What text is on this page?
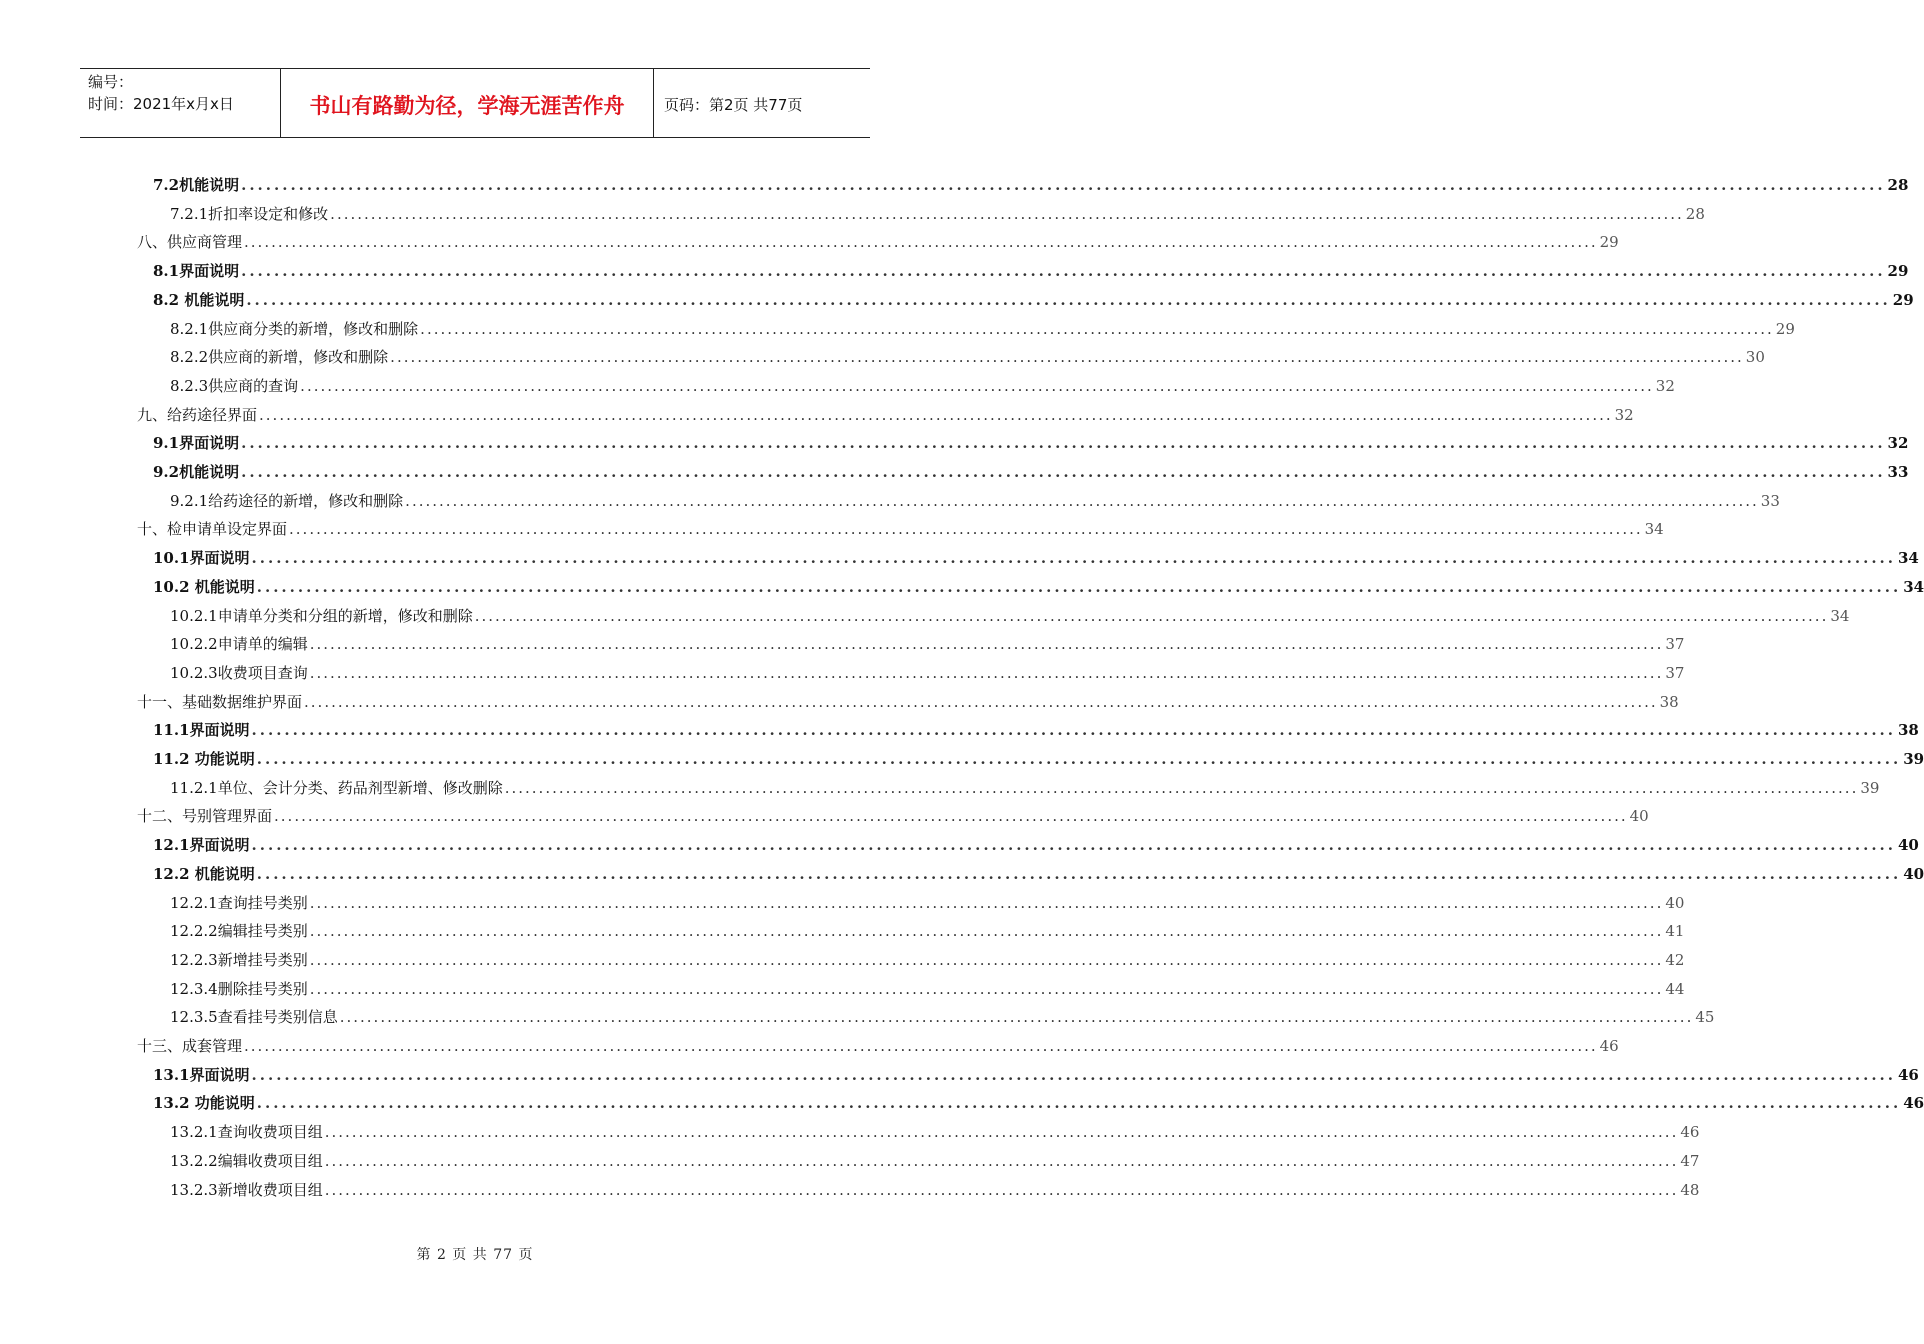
编号：
时间：2021年x月x日	书山有路勤为径，学海无涯苦作舟	页码：第2页 共77页
7.2机能说明 ........................................................................................................................................................................................................ 28
7.2.1折扣率设定和修改 ........................................................................................................................................................................................................ 28
八、供应商管理 ........................................................................................................................................................................................................ 29
8.1界面说明 ........................................................................................................................................................................................................ 29
8.2 机能说明 ........................................................................................................................................................................................................ 29
8.2.1供应商分类的新增，修改和删除 ........................................................................................................................................................................................................ 29
8.2.2供应商的新增，修改和删除 ........................................................................................................................................................................................................ 30
8.2.3供应商的查询 ........................................................................................................................................................................................................ 32
九、给药途径界面 ........................................................................................................................................................................................................ 32
9.1界面说明 ........................................................................................................................................................................................................ 32
9.2机能说明 ........................................................................................................................................................................................................ 33
9.2.1给药途径的新增，修改和删除 ........................................................................................................................................................................................................ 33
十、检申请单设定界面 ........................................................................................................................................................................................................ 34
10.1界面说明 ........................................................................................................................................................................................................ 34
10.2 机能说明 ........................................................................................................................................................................................................ 34
10.2.1申请单分类和分组的新增，修改和删除 ........................................................................................................................................................................................................ 34
10.2.2申请单的编辑 ........................................................................................................................................................................................................ 37
10.2.3收费项目查询 ........................................................................................................................................................................................................ 37
十一、基础数据维护界面 ........................................................................................................................................................................................................ 38
11.1界面说明 ........................................................................................................................................................................................................ 38
11.2 功能说明 ........................................................................................................................................................................................................ 39
11.2.1单位、会计分类、药品剂型新增、修改删除 ........................................................................................................................................................................................................ 39
十二、号别管理界面 ........................................................................................................................................................................................................ 40
12.1界面说明 ........................................................................................................................................................................................................ 40
12.2 机能说明 ........................................................................................................................................................................................................ 40
12.2.1查询挂号类别 ........................................................................................................................................................................................................ 40
12.2.2编辑挂号类别 ........................................................................................................................................................................................................ 41
12.2.3新增挂号类别 ........................................................................................................................................................................................................ 42
12.3.4删除挂号类别 ........................................................................................................................................................................................................ 44
12.3.5查看挂号类别信息 ........................................................................................................................................................................................................ 45
十三、成套管理 ........................................................................................................................................................................................................ 46
13.1界面说明 ........................................................................................................................................................................................................ 46
13.2 功能说明 ........................................................................................................................................................................................................ 46
13.2.1查询收费项目组 ........................................................................................................................................................................................................ 46
13.2.2编辑收费项目组 ........................................................................................................................................................................................................ 47
13.2.3新增收费项目组 ........................................................................................................................................................................................................ 48
第 2 页 共 77 页
